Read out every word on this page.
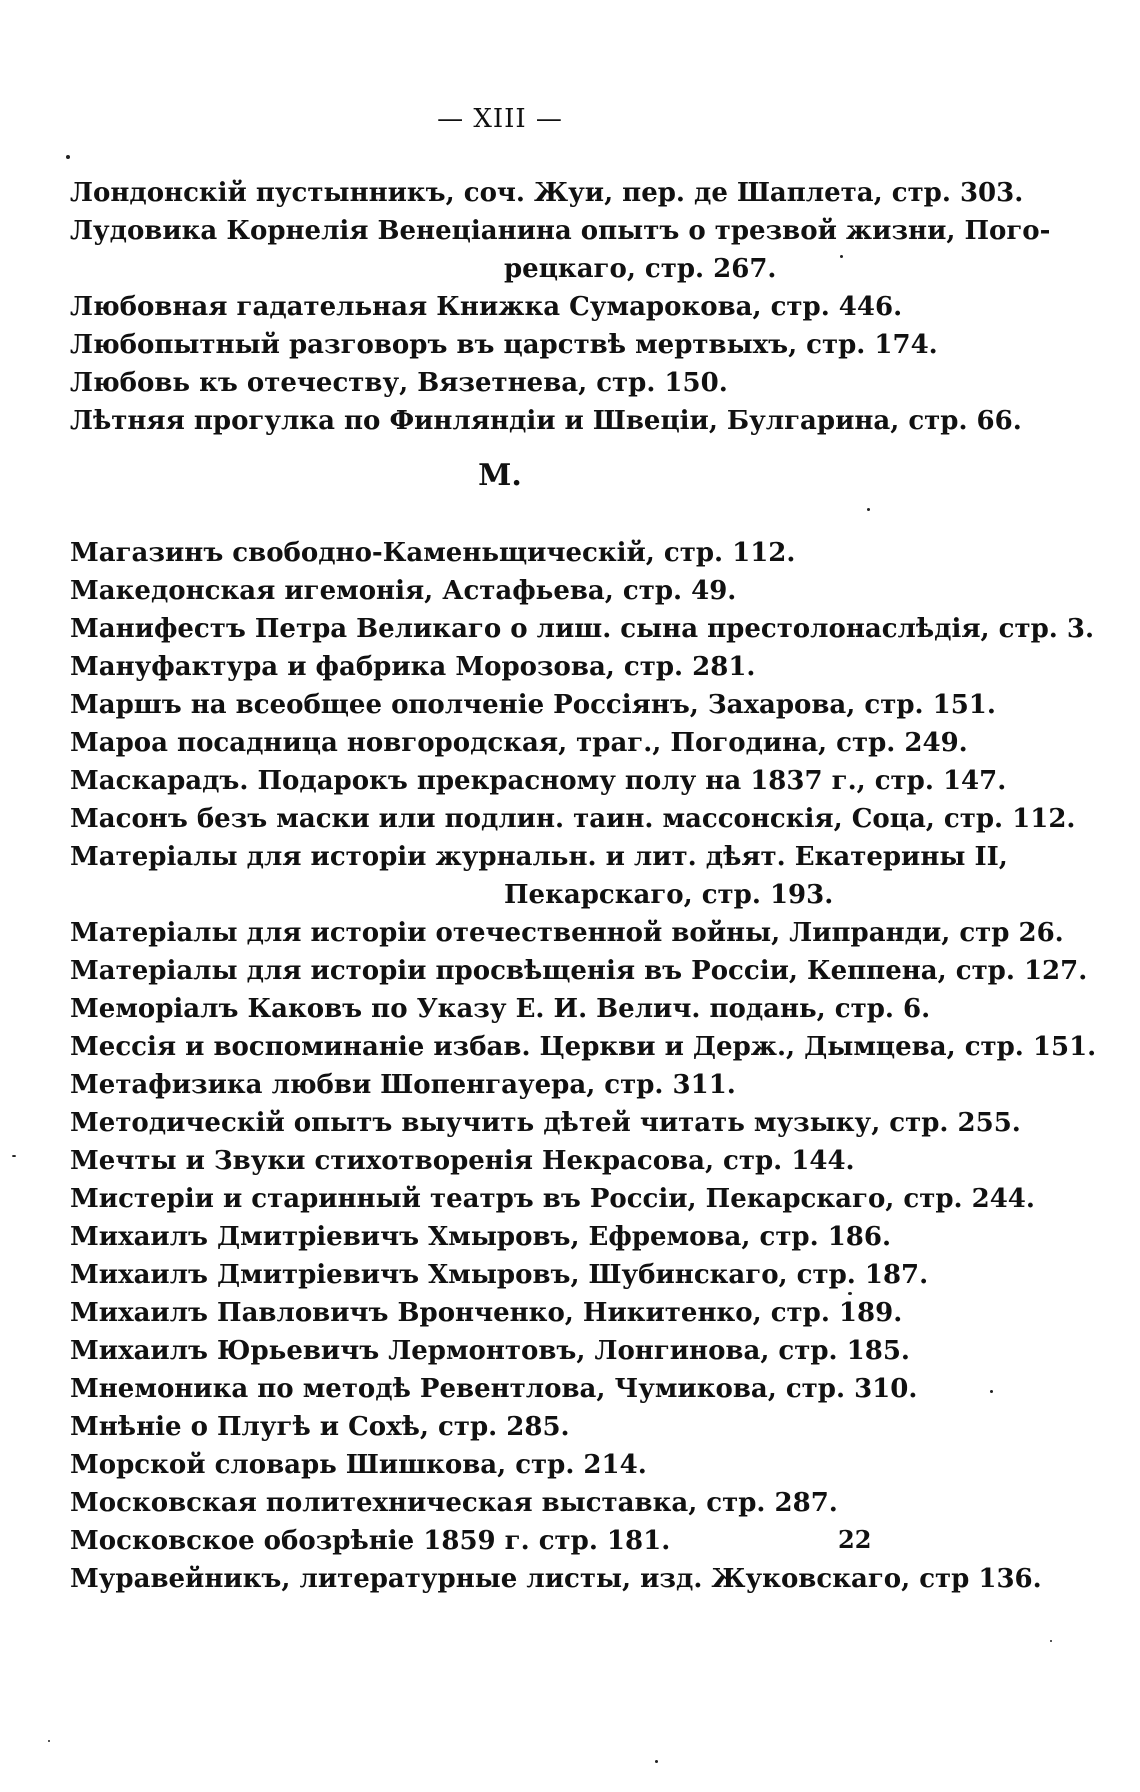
— XIII —
Лондонскій пустынникъ, соч. Жуи, пер. де Шаплета, стр. 303.
Лудовика Корнелія Венеціанина опытъ о трезвой жизни, Пого-
рецкаго, стр. 267.
Любовная гадательная Книжка Сумарокова, стр. 446.
Любопытный разговоръ въ царствѣ мертвыхъ, стр. 174.
Любовь къ отечеству, Вязетнева, стр. 150.
Лѣтняя прогулка по Финляндіи и Швеціи, Булгарина, стр. 66.
М.
Магазинъ свободно-Каменьщическій, стр. 112.
Македонская игемонія, Астафьева, стр. 49.
Манифестъ Петра Великаго о лиш. сына престолонаслѣдія, стр. 3.
Мануфактура и фабрика Морозова, стр. 281.
Маршъ на всеобщее ополченіе Россіянъ, Захарова, стр. 151.
Мароа посадница новгородская, траг., Погодина, стр. 249.
Маскарадъ. Подарокъ прекрасному полу на 1837 г., стр. 147.
Масонъ безъ маски или подлин. таин. массонскія, Соца, стр. 112.
Матеріалы для исторіи журнальн. и лит. дѣят. Екатерины II,
Пекарскаго, стр. 193.
Матеріалы для исторіи отечественной войны, Липранди, стр 26.
Матеріалы для исторіи просвѣщенія въ Россіи, Кеппена, стр. 127.
Меморіалъ Каковъ по Указу Е. И. Велич. подань, стр. 6.
Мессія и воспоминаніе избав. Церкви и Держ., Дымцева, стр. 151.
Метафизика любви Шопенгауера, стр. 311.
Методическій опытъ выучить дѣтей читать музыку, стр. 255.
Мечты и Звуки стихотворенія Некрасова, стр. 144.
Мистеріи и старинный театръ въ Россіи, Пекарскаго, стр. 244.
Михаилъ Дмитріевичъ Хмыровъ, Ефремова, стр. 186.
Михаилъ Дмитріевичъ Хмыровъ, Шубинскаго, стр. 187.
Михаилъ Павловичъ Вронченко, Никитенко, стр. 189.
Михаилъ Юрьевичъ Лермонтовъ, Лонгинова, стр. 185.
Мнемоника по методѣ Ревентлова, Чумикова, стр. 310.
Мнѣніе о Плугѣ и Сохѣ, стр. 285.
Морской словарь Шишкова, стр. 214.
Московская политехническая выставка, стр. 287.
Московское обозрѣніе 1859 г. стр. 181.
Муравейникъ, литературные листы, изд. Жуковскаго, стр 136.
22
